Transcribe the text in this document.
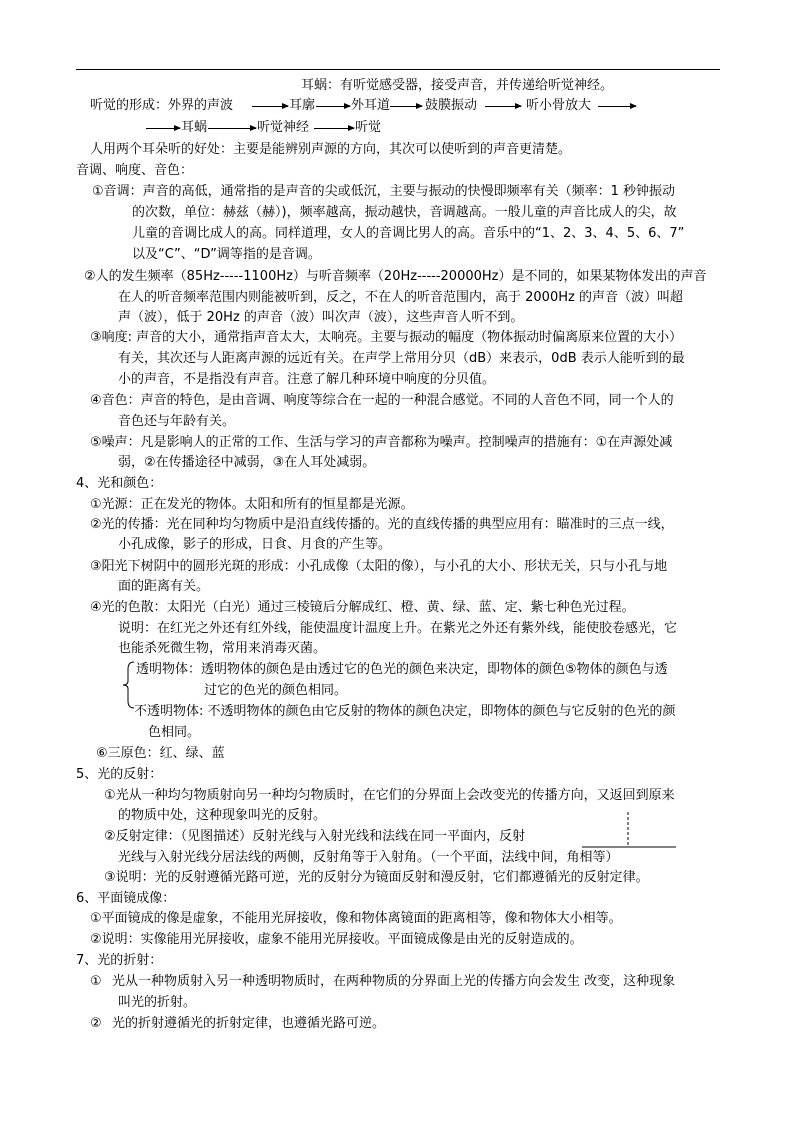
耳蜗：有听觉感受器，接受声音，并传递给听觉神经。
听觉的形成：外界的声波	耳廓	外耳道	鼓膜振动	听小骨放大
耳蜗	听觉神经	听觉
人用两个耳朵听的好处：主要是能辨别声源的方向，其次可以使听到的声音更清楚。
音调、响度、音色：
①音调：声音的高低，通常指的是声音的尖或低沉，主要与振动的快慢即频率有关（频率：1 秒钟振动
的次数，单位：赫兹（赫）)，频率越高，振动越快，音调越高。一般儿童的声音比成人的尖，故
儿童的音调比成人的高。同样道理，女人的音调比男人的高。音乐中的“1、2、3、4、5、6、7”
以及“C”、“D”调等指的是音调。
②人的发生频率（85Hz-----1100Hz）与听音频率（20Hz-----20000Hz）是不同的，如果某物体发出的声音
在人的听音频率范围内则能被听到，反之，不在人的听音范围内，高于 2000Hz 的声音（波）叫超
声（波），低于 20Hz 的声音（波）叫次声（波），这些声音人听不到。
③响度: 声音的大小，通常指声音太大，太响亮。主要与振动的幅度（物体振动时偏离原来位置的大小）
有关，其次还与人距离声源的远近有关。在声学上常用分贝（dB）来表示，0dB 表示人能听到的最
小的声音，不是指没有声音。注意了解几种环境中响度的分贝值。
④音色：声音的特色，是由音调、响度等综合在一起的一种混合感觉。不同的人音色不同，同一个人的
音色还与年龄有关。
⑤噪声：凡是影响人的正常的工作、生活与学习的声音都称为噪声。控制噪声的措施有：①在声源处减
弱，②在传播途径中减弱，③在人耳处减弱。
4、光和颜色：
①光源：正在发光的物体。太阳和所有的恒星都是光源。
②光的传播：光在同种均匀物质中是沿直线传播的。光的直线传播的典型应用有：瞄准时的三点一线，
小孔成像，影子的形成，日食、月食的产生等。
③阳光下树阴中的圆形光斑的形成：小孔成像（太阳的像），与小孔的大小、形状无关，只与小孔与地
面的距离有关。
④光的色散：太阳光（白光）通过三棱镜后分解成红、橙、黄、绿、蓝、定、紫七种色光过程。
说明：在红光之外还有红外线，能使温度计温度上升。在紫光之外还有紫外线，能使胶卷感光，它
也能杀死微生物，常用来消毒灭菌。
透明物体：透明物体的颜色是由透过它的色光的颜色来决定，即物体的颜色⑤物体的颜色与透
过它的色光的颜色相同。
不透明物体: 不透明物体的颜色由它反射的物体的颜色决定，即物体的颜色与它反射的色光的颜
色相同。
⑥三原色：红、绿、蓝
5、光的反射：
①光从一种均匀物质射向另一种均匀物质时，在它们的分界面上会改变光的传播方向，又返回到原来
的物质中处，这种现象叫光的反射。
②反射定律：（见图描述）反射光线与入射光线和法线在同一平面内，反射
光线与入射光线分居法线的两侧，反射角等于入射角。（一个平面，法线中间，角相等）
③说明：光的反射遵循光路可逆，光的反射分为镜面反射和漫反射，它们都遵循光的反射定律。
6、平面镜成像：
①平面镜成的像是虚象，不能用光屏接收，像和物体离镜面的距离相等，像和物体大小相等。
②说明：实像能用光屏接收，虚象不能用光屏接收。平面镜成像是由光的反射造成的。
7、光的折射：
① 光从一种物质射入另一种透明物质时，在两种物质的分界面上光的传播方向会发生 改变，这种现象
叫光的折射。
② 光的折射遵循光的折射定律，也遵循光路可逆。
